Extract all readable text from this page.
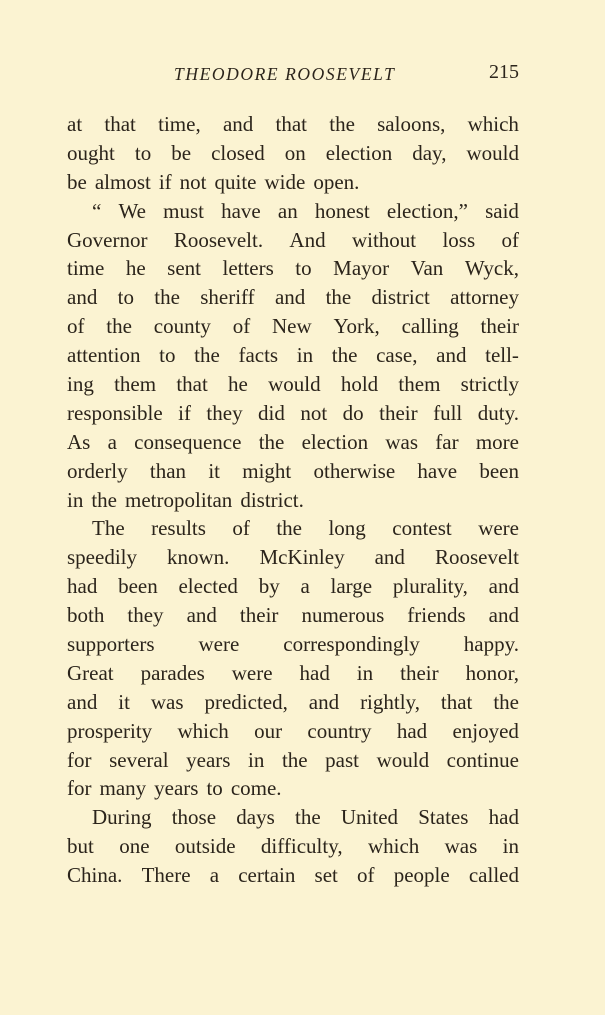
THEODORE ROOSEVELT	215
at that time, and that the saloons, which
ought to be closed on election day, would
be almost if not quite wide open.
“ We must have an honest election,” said
Governor Roosevelt. And without loss of
time he sent letters to Mayor Van Wyck,
and to the sheriff and the district attorney
of the county of New York, calling their
attention to the facts in the case, and tell-
ing them that he would hold them strictly
responsible if they did not do their full duty.
As a consequence the election was far more
orderly than it might otherwise have been
in the metropolitan district.
The results of the long contest were
speedily known. McKinley and Roosevelt
had been elected by a large plurality, and
both they and their numerous friends and
supporters were correspondingly happy.
Great parades were had in their honor,
and it was predicted, and rightly, that the
prosperity which our country had enjoyed
for several years in the past would continue
for many years to come.
During those days the United States had
but one outside difficulty, which was in
China. There a certain set of people called
